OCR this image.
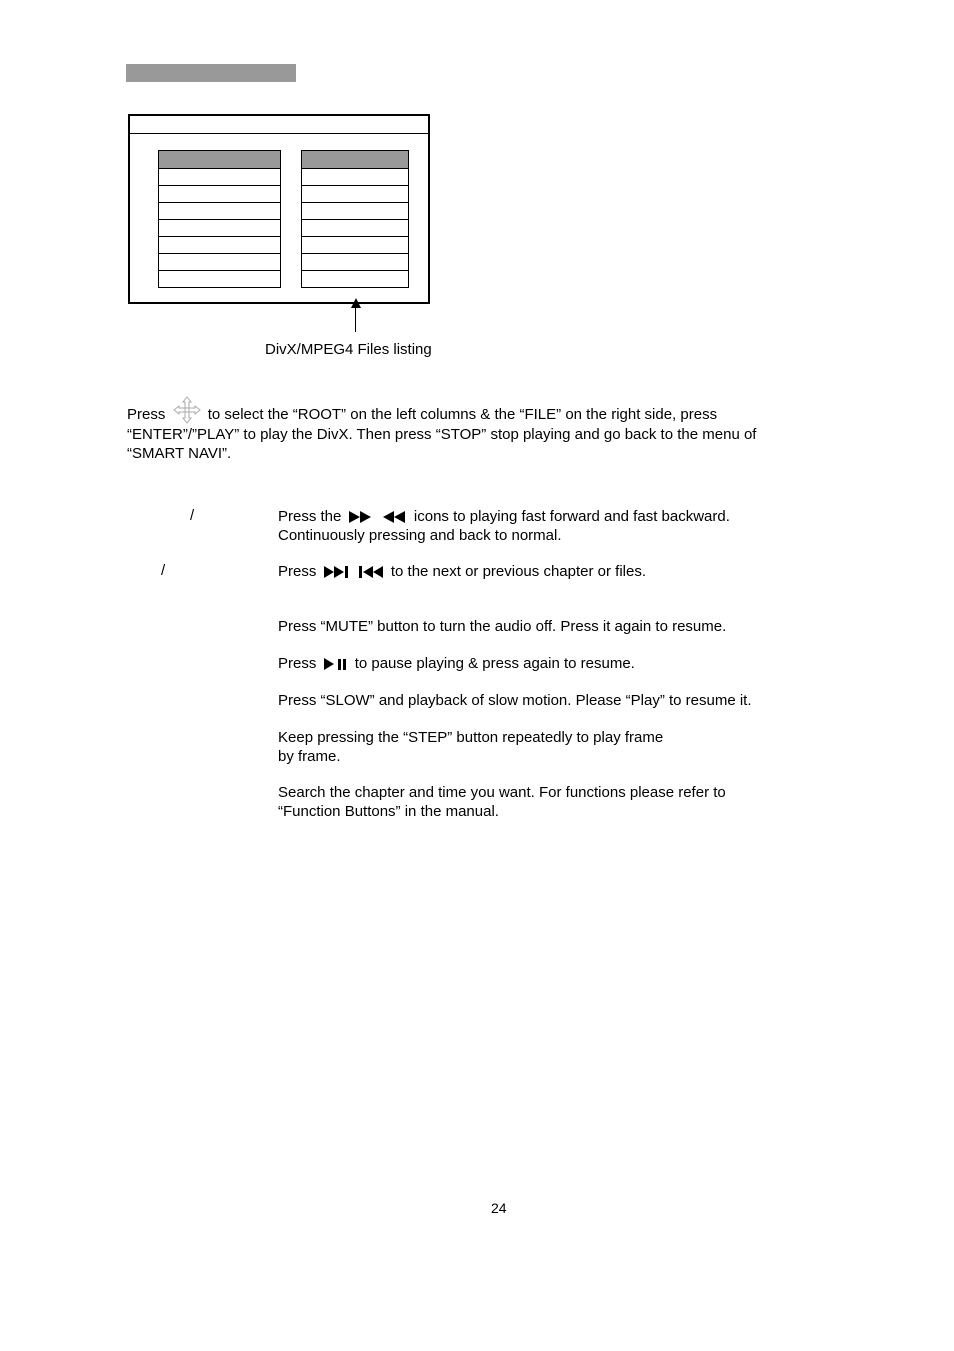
DivX/MPEG4 Files listing
Press	to select the “ROOT” on the left columns & the “FILE” on the right side, press “ENTER”/”PLAY” to play the DivX. Then press “STOP” stop playing and go back to the menu of “SMART NAVI”.
/	Press the	icons to playing fast forward and fast backward.
Continuously pressing and back to normal.
/	Press	to the next or previous chapter or files.
Press “MUTE” button to turn the audio off. Press it again to resume.
Press	to pause playing & press again to resume.
Press “SLOW” and playback of slow motion. Please “Play” to resume it.
Keep pressing the “STEP” button repeatedly to play frame
by frame.
Search the chapter and time you want. For functions please refer to
“Function Buttons” in the manual.
24
